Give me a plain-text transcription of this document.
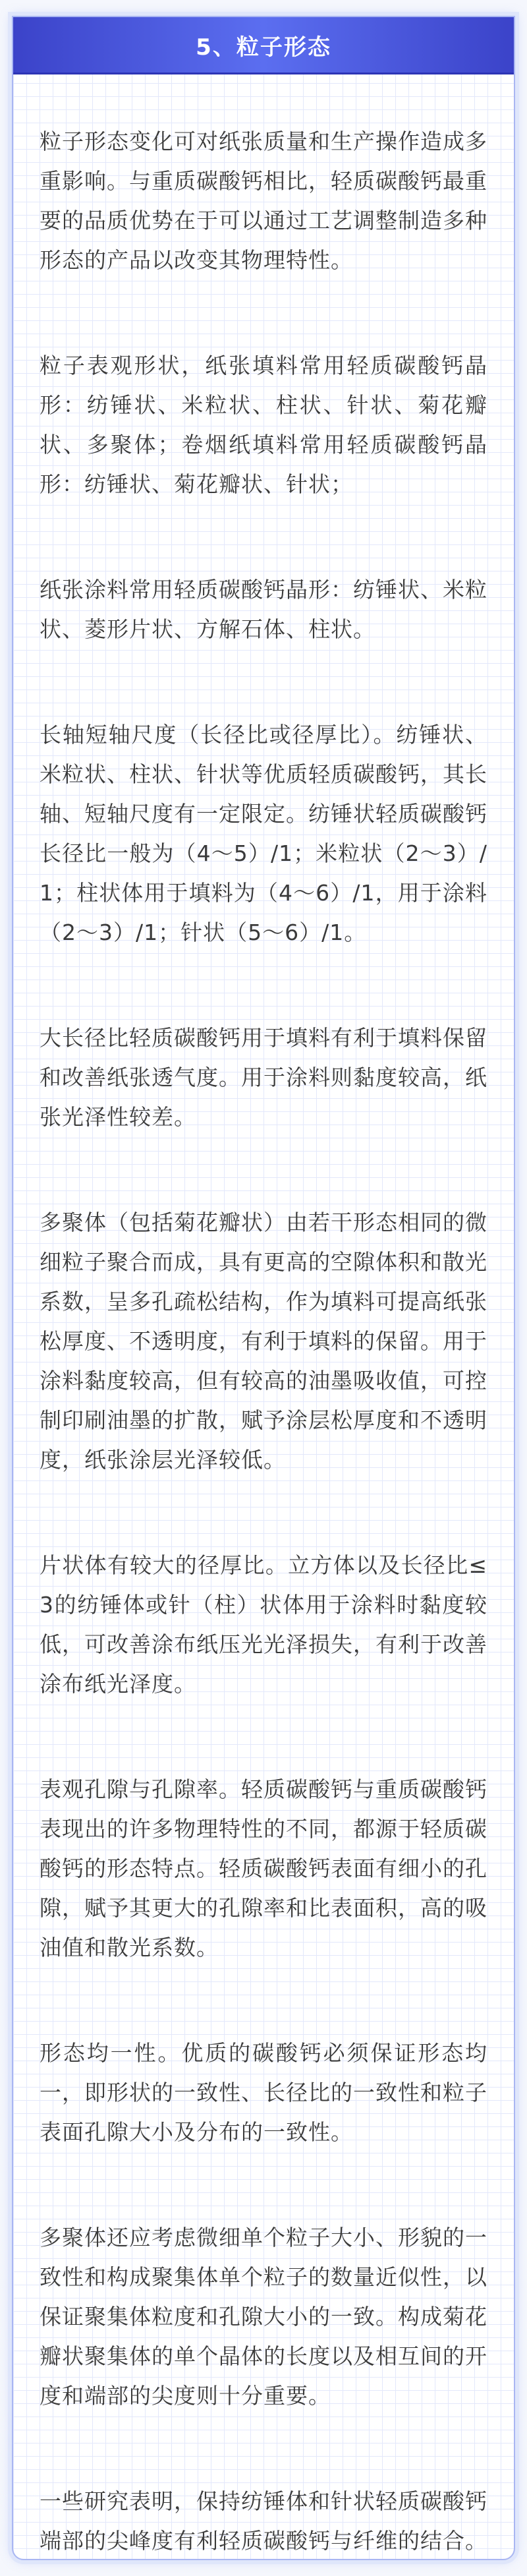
5、粒子形态

粒子形态变化可对纸张质量和生产操作造成多重影响。与重质碳酸钙相比，轻质碳酸钙最重要的品质优势在于可以通过工艺调整制造多种形态的产品以改变其物理特性。

粒子表观形状，纸张填料常用轻质碳酸钙晶形：纺锤状、米粒状、柱状、针状、菊花瓣状、多聚体；卷烟纸填料常用轻质碳酸钙晶形：纺锤状、菊花瓣状、针状；

纸张涂料常用轻质碳酸钙晶形：纺锤状、米粒状、菱形片状、方解石体、柱状。

长轴短轴尺度（长径比或径厚比）。纺锤状、米粒状、柱状、针状等优质轻质碳酸钙，其长轴、短轴尺度有一定限定。纺锤状轻质碳酸钙长径比一般为（4～5）/1；米粒状（2～3）/1；柱状体用于填料为（4～6）/1，用于涂料（2～3）/1；针状（5～6）/1。

大长径比轻质碳酸钙用于填料有利于填料保留和改善纸张透气度。用于涂料则黏度较高，纸张光泽性较差。

多聚体（包括菊花瓣状）由若干形态相同的微细粒子聚合而成，具有更高的空隙体积和散光系数，呈多孔疏松结构，作为填料可提高纸张松厚度、不透明度，有利于填料的保留。用于涂料黏度较高，但有较高的油墨吸收值，可控制印刷油墨的扩散，赋予涂层松厚度和不透明度，纸张涂层光泽较低。

片状体有较大的径厚比。立方体以及长径比≤3的纺锤体或针（柱）状体用于涂料时黏度较低，可改善涂布纸压光光泽损失，有利于改善涂布纸光泽度。

表观孔隙与孔隙率。轻质碳酸钙与重质碳酸钙表现出的许多物理特性的不同，都源于轻质碳酸钙的形态特点。轻质碳酸钙表面有细小的孔隙，赋予其更大的孔隙率和比表面积，高的吸油值和散光系数。

形态均一性。优质的碳酸钙必须保证形态均一，即形状的一致性、长径比的一致性和粒子表面孔隙大小及分布的一致性。

多聚体还应考虑微细单个粒子大小、形貌的一致性和构成聚集体单个粒子的数量近似性，以保证聚集体粒度和孔隙大小的一致。构成菊花瓣状聚集体的单个晶体的长度以及相互间的开度和端部的尖度则十分重要。

一些研究表明，保持纺锤体和针状轻质碳酸钙端部的尖峰度有利轻质碳酸钙与纤维的结合。
